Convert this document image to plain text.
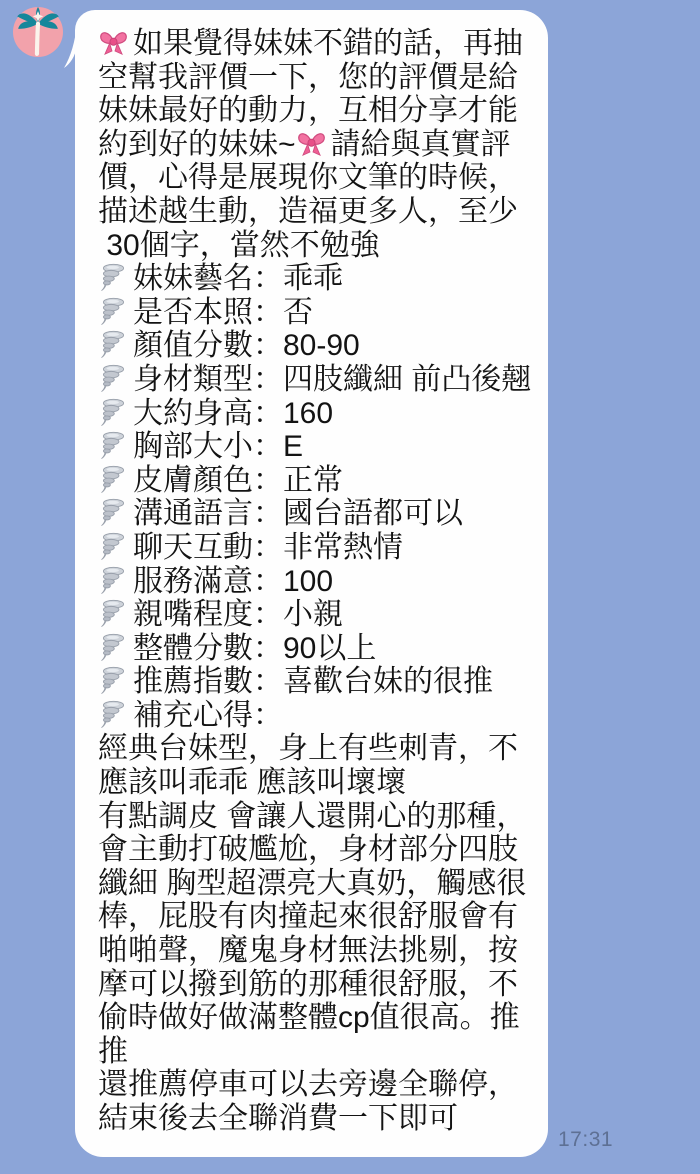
如果覺得妹妹不錯的話，再抽
空幫我評價一下，您的評價是給
妹妹最好的動力，互相分享才能
約到好的妹妹~ 請給與真實評
價，心得是展現你文筆的時候，
描述越生動，造福更多人，至少
30個字，當然不勉強
妹妹藝名：乖乖
是否本照：否
顏值分數：80-90
身材類型：四肢纖細 前凸後翹
大約身高：160
胸部大小：E
皮膚顏色：正常
溝通語言：國台語都可以
聊天互動：非常熱情
服務滿意：100
親嘴程度：小親
整體分數：90以上
推薦指數：喜歡台妹的很推
補充心得：
經典台妹型，身上有些刺青，不
應該叫乖乖 應該叫壞壞
有點調皮 會讓人還開心的那種，
會主動打破尷尬，身材部分四肢
纖細 胸型超漂亮大真奶，觸感很
棒，屁股有肉撞起來很舒服會有
啪啪聲，魔鬼身材無法挑剔，按
摩可以撥到筋的那種很舒服，不
偷時做好做滿整體cp值很高。推
推
還推薦停車可以去旁邊全聯停，
結束後去全聯消費一下即可
17:31
